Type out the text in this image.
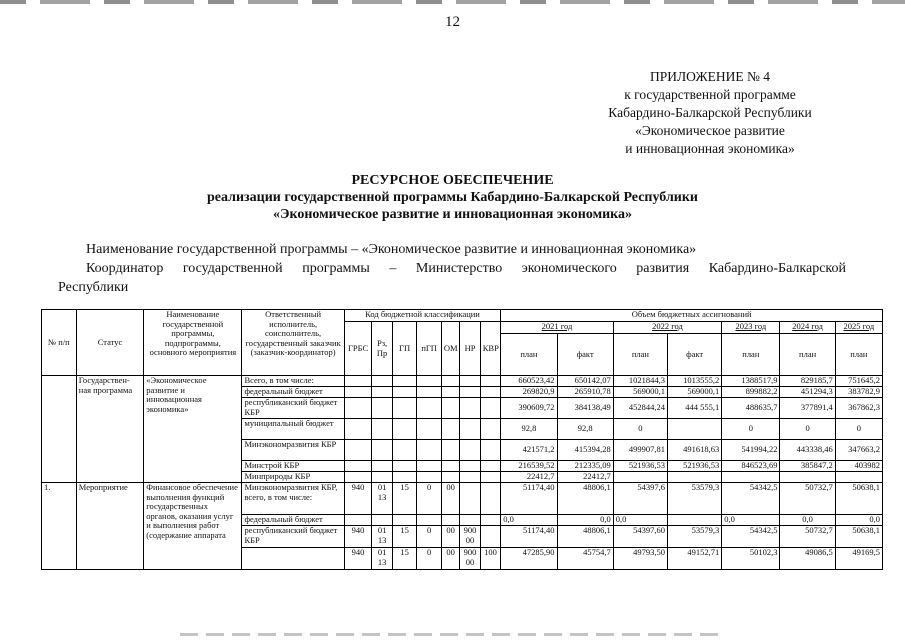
12
ПРИЛОЖЕНИЕ № 4
к государственной программе
Кабардино-Балкарской Республики
«Экономическое развитие
и инновационная экономика»
РЕСУРСНОЕ ОБЕСПЕЧЕНИЕ
реализации государственной программы Кабардино-Балкарской Республики
«Экономическое развитие и инновационная экономика»

Наименование государственной программы – «Экономическое развитие и инновационная экономика»

Координатор государственной программы – Министерство экономического развития Кабардино-Балкарской

Республики
№ п/п	Статус	Наименование государственной программы, подпрограммы, основного мероприятия	Ответственный исполнитель, соисполнитель, государственный заказчик (заказчик-координатор)	Код бюджетной классификации							Объем бюджетных ассигнований						
				ГРБС	Рз, Пр	ГП	пГП	ОМ	НР	КВР	2021 год		2022 год		2023 год	2024 год	2025 год
											план	факт	план	факт	план	план	план
	Государствен-ная программа	«Экономическое развитие и инновационная экономика»	Всего, в том числе:								660523,42	650142,07	1021844,3	1013555,2	1388517,9	829185,7	751645,2
			федеральный бюджет								269820,9	265910,78	569000,1	569000,1	899882,2	451294,3	383782,9
			республиканский бюджет КБР								390609,72	384138,49	452844,24	444 555,1	488635,7	377891,4	367862,3
			муниципальный бюджет								92,8	92,8	0		0	0	0
			Минэкономразвития КБР								421571,2	415394,28	499907,81	491618,63	541994,22	443338,46	347663,2
			Минстрой КБР								216539,52	212335,09	521936,53	521936,53	846523,69	385847,2	403982
			Минприроды КБР								22412,7	22412,7					
1.	Мероприятие	Финансовое обеспечение выполнения функций государственных органов, оказания услуг и выполнения работ (содержание аппарата	Минэкономразвития КБР, всего, в том числе:	940	01 13	15	0	00			51174,40	48806,1	54397,6	53579,3	54342,5	50732,7	50638,1
			федеральный бюджет								0,0	0,0	0,0		0,0	0,0	0,0
			республиканский бюджет КБР	940	01 13	15	0	00	900 00		51174,40	48806,1	54397,60	53579,3	54342,5	50732,7	50638,1
				940	01 13	15	0	00	900 00	100	47285,90	45754,7	49793,50	49152,71	50102,3	49086,5	49169,5
